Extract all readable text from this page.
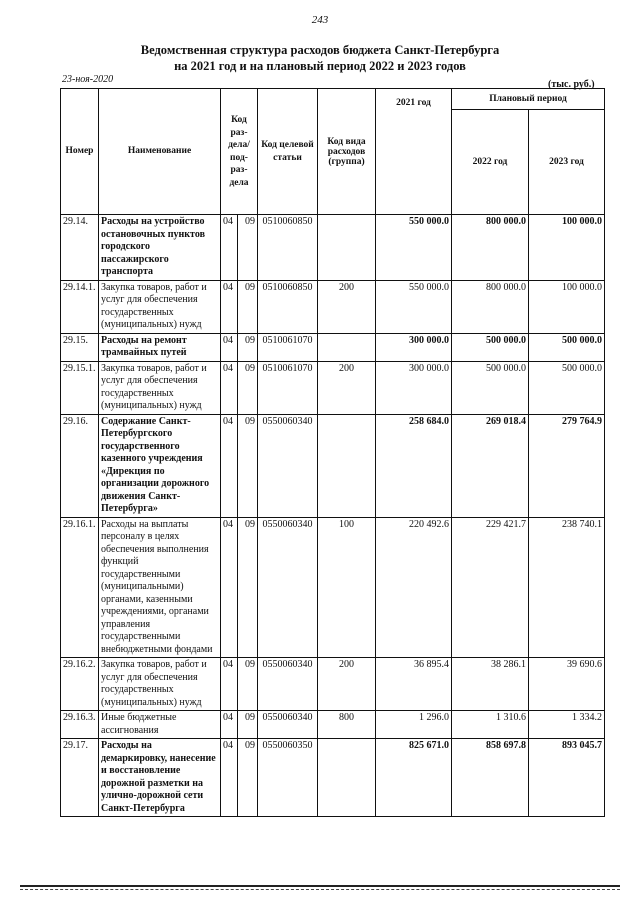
243
Ведомственная структура расходов бюджета Санкт-Петербурга
на 2021 год и на плановый период 2022 и 2023 годов
23-ноя-2020	(тыс. руб.)
Номер	Наименование	Код раз-дела/под-раз-дела		Код целевой статьи	Код вида расходов (группа)	2021 год	Плановый период	
							2022 год	2023 год
29.14.	Расходы на устройство остановочных пунктов городского пассажирского транспорта	04	09	0510060850		550 000.0	800 000.0	100 000.0
29.14.1.	Закупка товаров, работ и услуг для обеспечения государственных (муниципальных) нужд	04	09	0510060850	200	550 000.0	800 000.0	100 000.0
29.15.	Расходы на ремонт трамвайных путей	04	09	0510061070		300 000.0	500 000.0	500 000.0
29.15.1.	Закупка товаров, работ и услуг для обеспечения государственных (муниципальных) нужд	04	09	0510061070	200	300 000.0	500 000.0	500 000.0
29.16.	Содержание Санкт-Петербургского государственного казенного учреждения «Дирекция по организации дорожного движения Санкт-Петербурга»	04	09	0550060340		258 684.0	269 018.4	279 764.9
29.16.1.	Расходы на выплаты персоналу в целях обеспечения выполнения функций государственными (муниципальными) органами, казенными учреждениями, органами управления государственными внебюджетными фондами	04	09	0550060340	100	220 492.6	229 421.7	238 740.1
29.16.2.	Закупка товаров, работ и услуг для обеспечения государственных (муниципальных) нужд	04	09	0550060340	200	36 895.4	38 286.1	39 690.6
29.16.3.	Иные бюджетные ассигнования	04	09	0550060340	800	1 296.0	1 310.6	1 334.2
29.17.	Расходы на демаркировку, нанесение и восстановление дорожной разметки на улично-дорожной сети Санкт-Петербурга	04	09	0550060350		825 671.0	858 697.8	893 045.7
